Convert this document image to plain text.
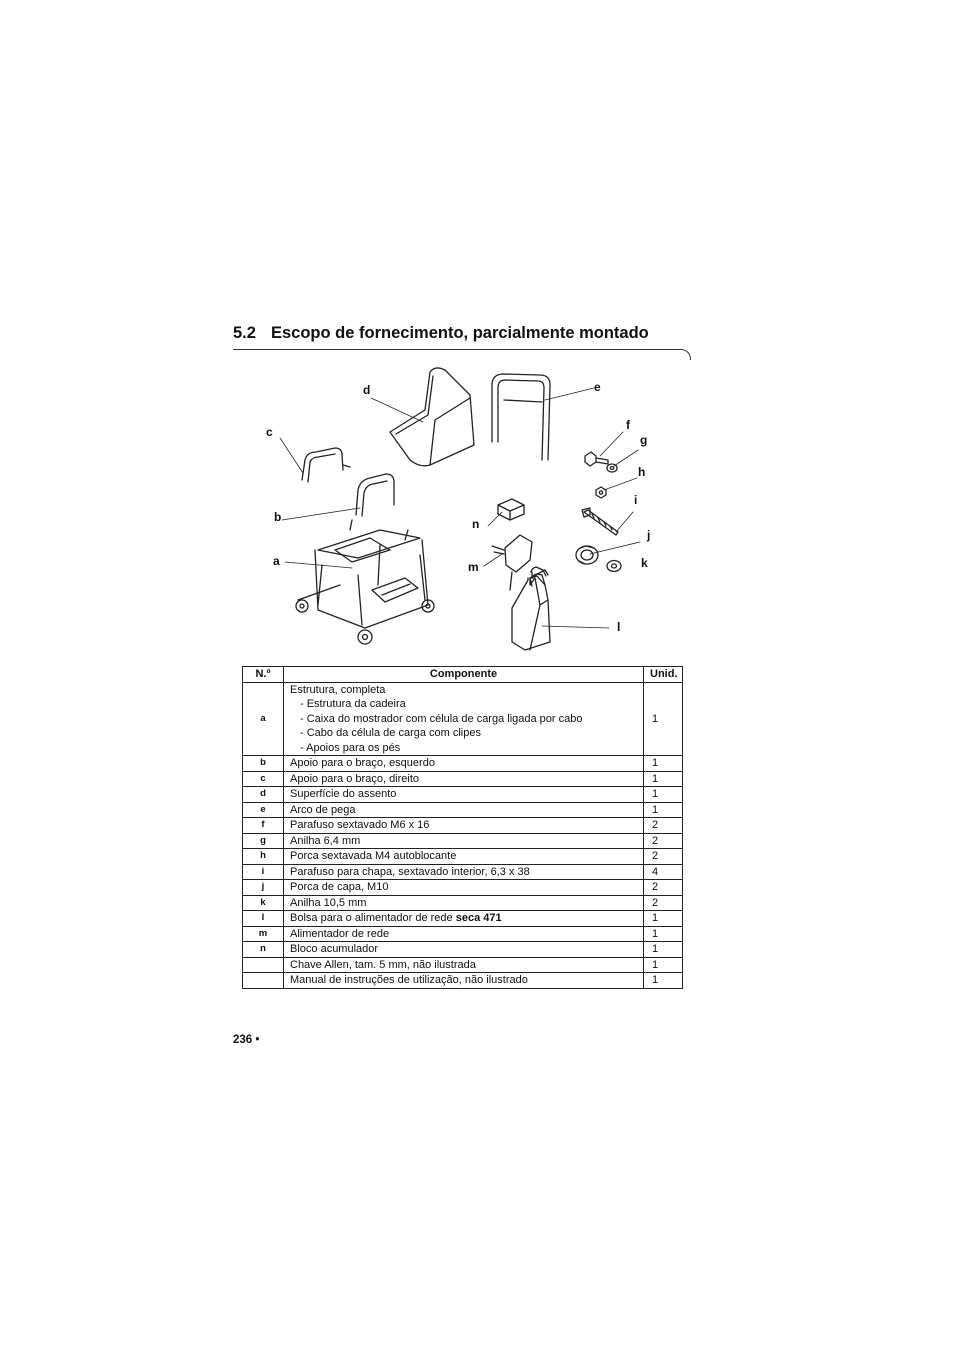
5.2 Escopo de fornecimento, parcialmente montado
d	e
c	f
g
h
i
b	n
j
a	k
m
l
N.º	Componente	Unid.
a	Estrutura, completa
- Estrutura da cadeira
- Caixa do mostrador com célula de carga ligada por cabo
- Cabo da célula de carga com clipes
- Apoios para os pés	1
b	Apoio para o braço, esquerdo	1
c	Apoio para o braço, direito	1
d	Superfície do assento	1
e	Arco de pega	1
f	Parafuso sextavado M6 x 16	2
g	Anilha 6,4 mm	2
h	Porca sextavada M4 autoblocante	2
i	Parafuso para chapa, sextavado interior, 6,3 x 38	4
j	Porca de capa, M10	2
k	Anilha 10,5 mm	2
l	Bolsa para o alimentador de rede seca 471	1
m	Alimentador de rede	1
n	Bloco acumulador	1
	Chave Allen, tam. 5 mm, não ilustrada	1
	Manual de instruções de utilização, não ilustrado	1
236 •
